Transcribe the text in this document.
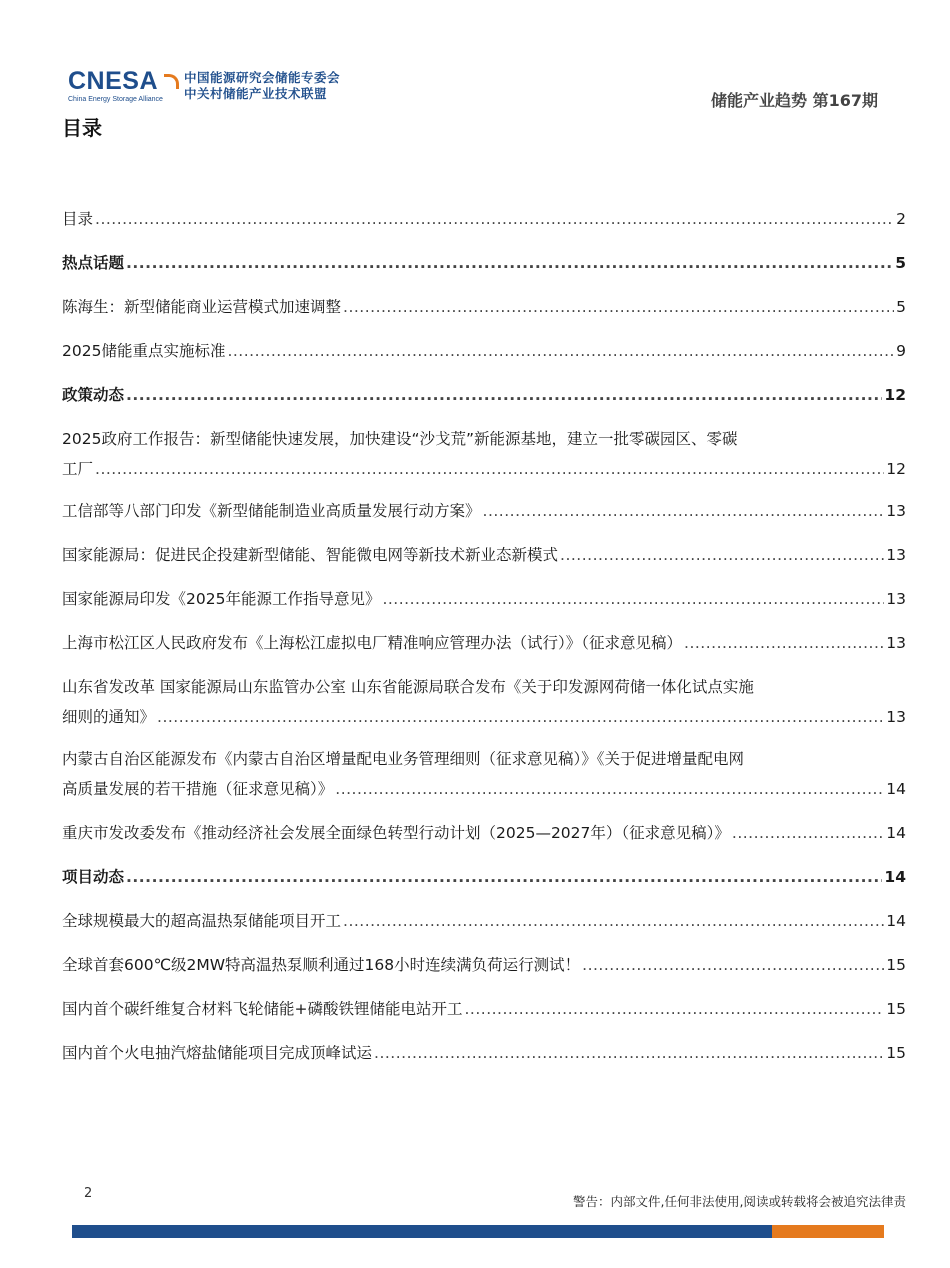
CNESA
China Energy Storage Alliance
中国能源研究会储能专委会
中关村储能产业技术联盟	储能产业趋势 第167期
目录
目录 .....	2
热点话题 .....	5
陈海生：新型储能商业运营模式加速调整 .....	5
2025储能重点实施标准 .....	9
政策动态 .....	12
2025政府工作报告：新型储能快速发展，加快建设“沙戈荒”新能源基地，建立一批零碳园区、零碳
工厂 .....	12
工信部等八部门印发《新型储能制造业高质量发展行动方案》 .....	13
国家能源局：促进民企投建新型储能、智能微电网等新技术新业态新模式 .....	13
国家能源局印发《2025年能源工作指导意见》 .....	13
上海市松江区人民政府发布《上海松江虚拟电厂精准响应管理办法（试行）》（征求意见稿） .....	13
山东省发改革 国家能源局山东监管办公室 山东省能源局联合发布《关于印发源网荷储一体化试点实施
细则的通知》 .....	13
内蒙古自治区能源发布《内蒙古自治区增量配电业务管理细则（征求意见稿）》《关于促进增量配电网
高质量发展的若干措施（征求意见稿）》 .....	14
重庆市发改委发布《推动经济社会发展全面绿色转型行动计划（2025—2027年）（征求意见稿）》 .....	14
项目动态 .....	14
全球规模最大的超高温热泵储能项目开工 .....	14
全球首套600℃级2MW特高温热泵顺利通过168小时连续满负荷运行测试！ .....	15
国内首个碳纤维复合材料飞轮储能+磷酸铁锂储能电站开工 .....	15
国内首个火电抽汽熔盐储能项目完成顶峰试运 .....	15
2
警告：内部文件,任何非法使用,阅读或转载将会被追究法律责
